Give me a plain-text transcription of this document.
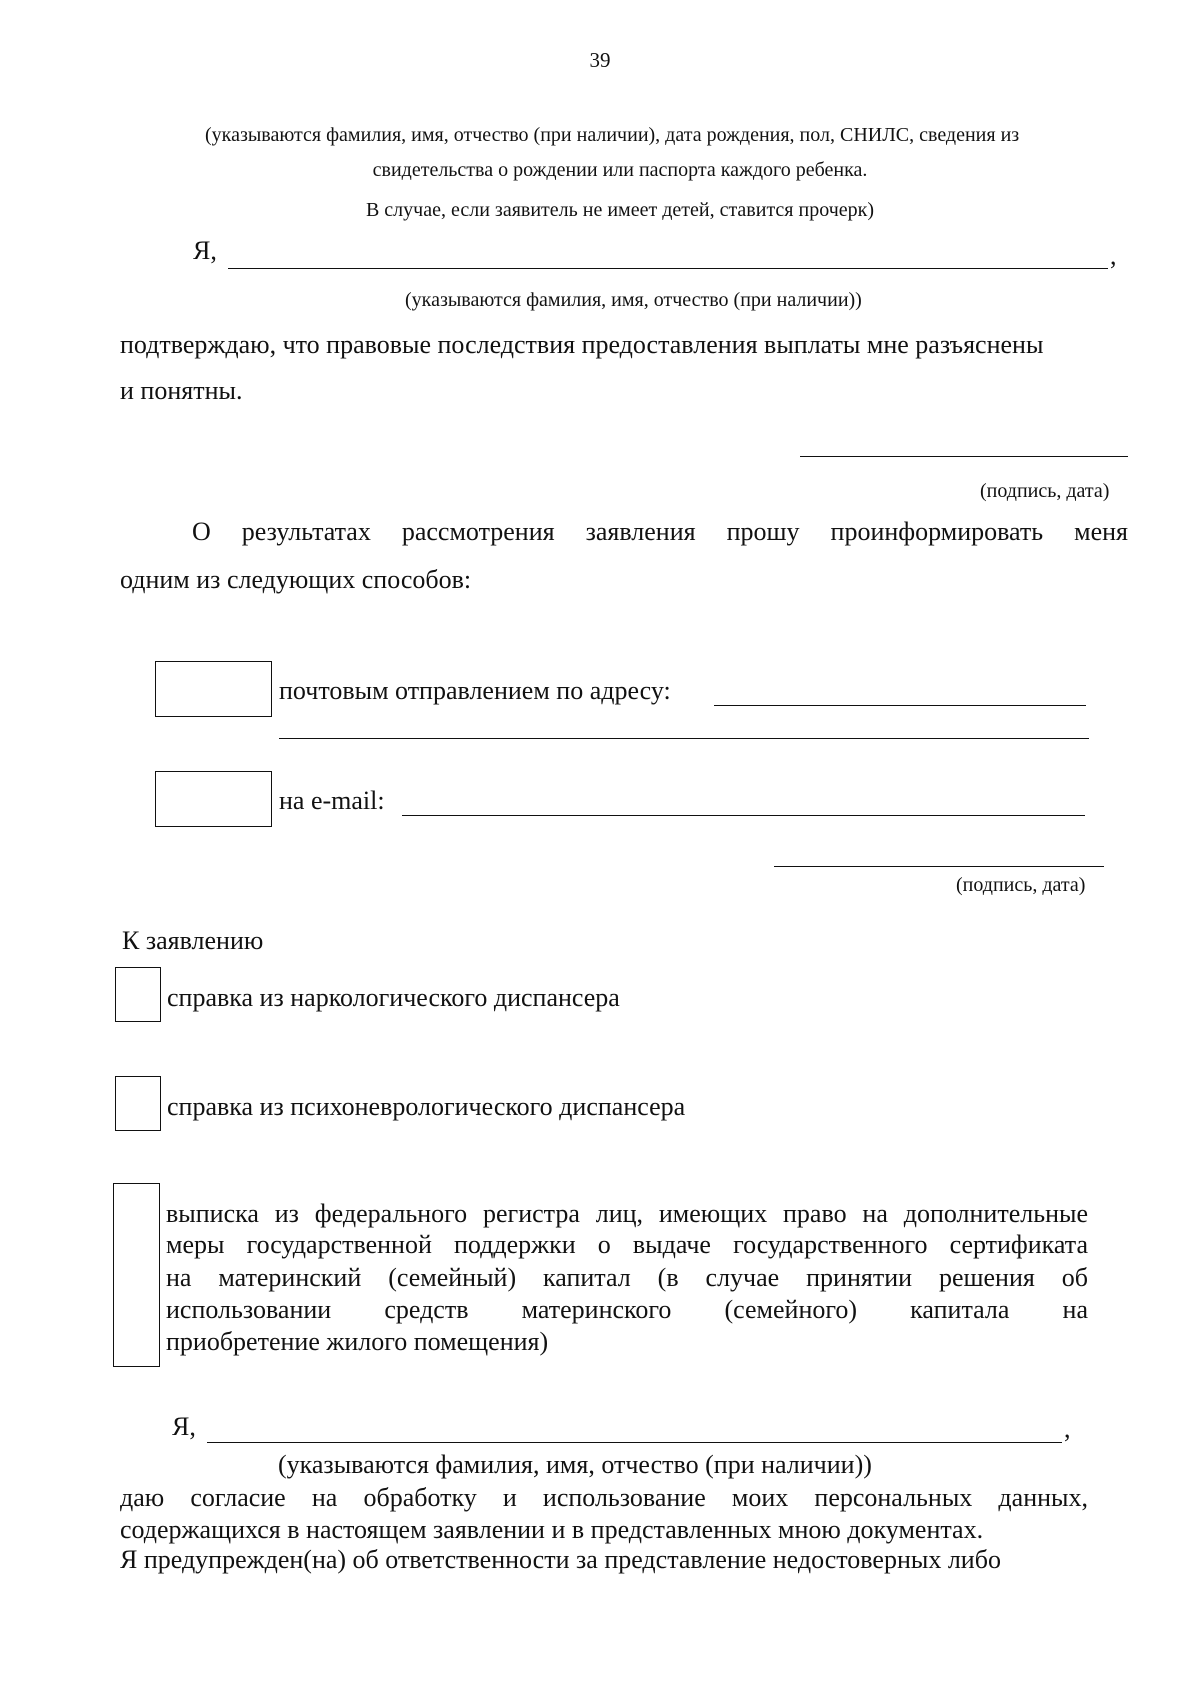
39
(указываются фамилия, имя, отчество (при наличии), дата рождения, пол, СНИЛС, сведения из
свидетельства о рождении или паспорта каждого ребенка.
В случае, если заявитель не имеет детей, ставится прочерк)
Я,	,
(указываются фамилия, имя, отчество (при наличии))
подтверждаю, что правовые последствия предоставления выплаты мне разъяснены
и понятны.
(подпись, дата)
О результатах рассмотрения заявления прошу проинформировать меня
одним из следующих способов:
почтовым отправлением по адресу:
на e-mail:
(подпись, дата)
К заявлению
справка из наркологического диспансера
справка из психоневрологического диспансера
выписка из федерального регистра лиц, имеющих право на дополнительные
меры государственной поддержки о выдаче государственного сертификата
на материнский (семейный) капитал (в случае принятии решения об
использовании средств материнского (семейного) капитала на
приобретение жилого помещения)
Я,	,
(указываются фамилия, имя, отчество (при наличии))
даю согласие на обработку и использование моих персональных данных,
содержащихся в настоящем заявлении и в представленных мною документах.
Я предупрежден(на) об ответственности за представление недостоверных либо
